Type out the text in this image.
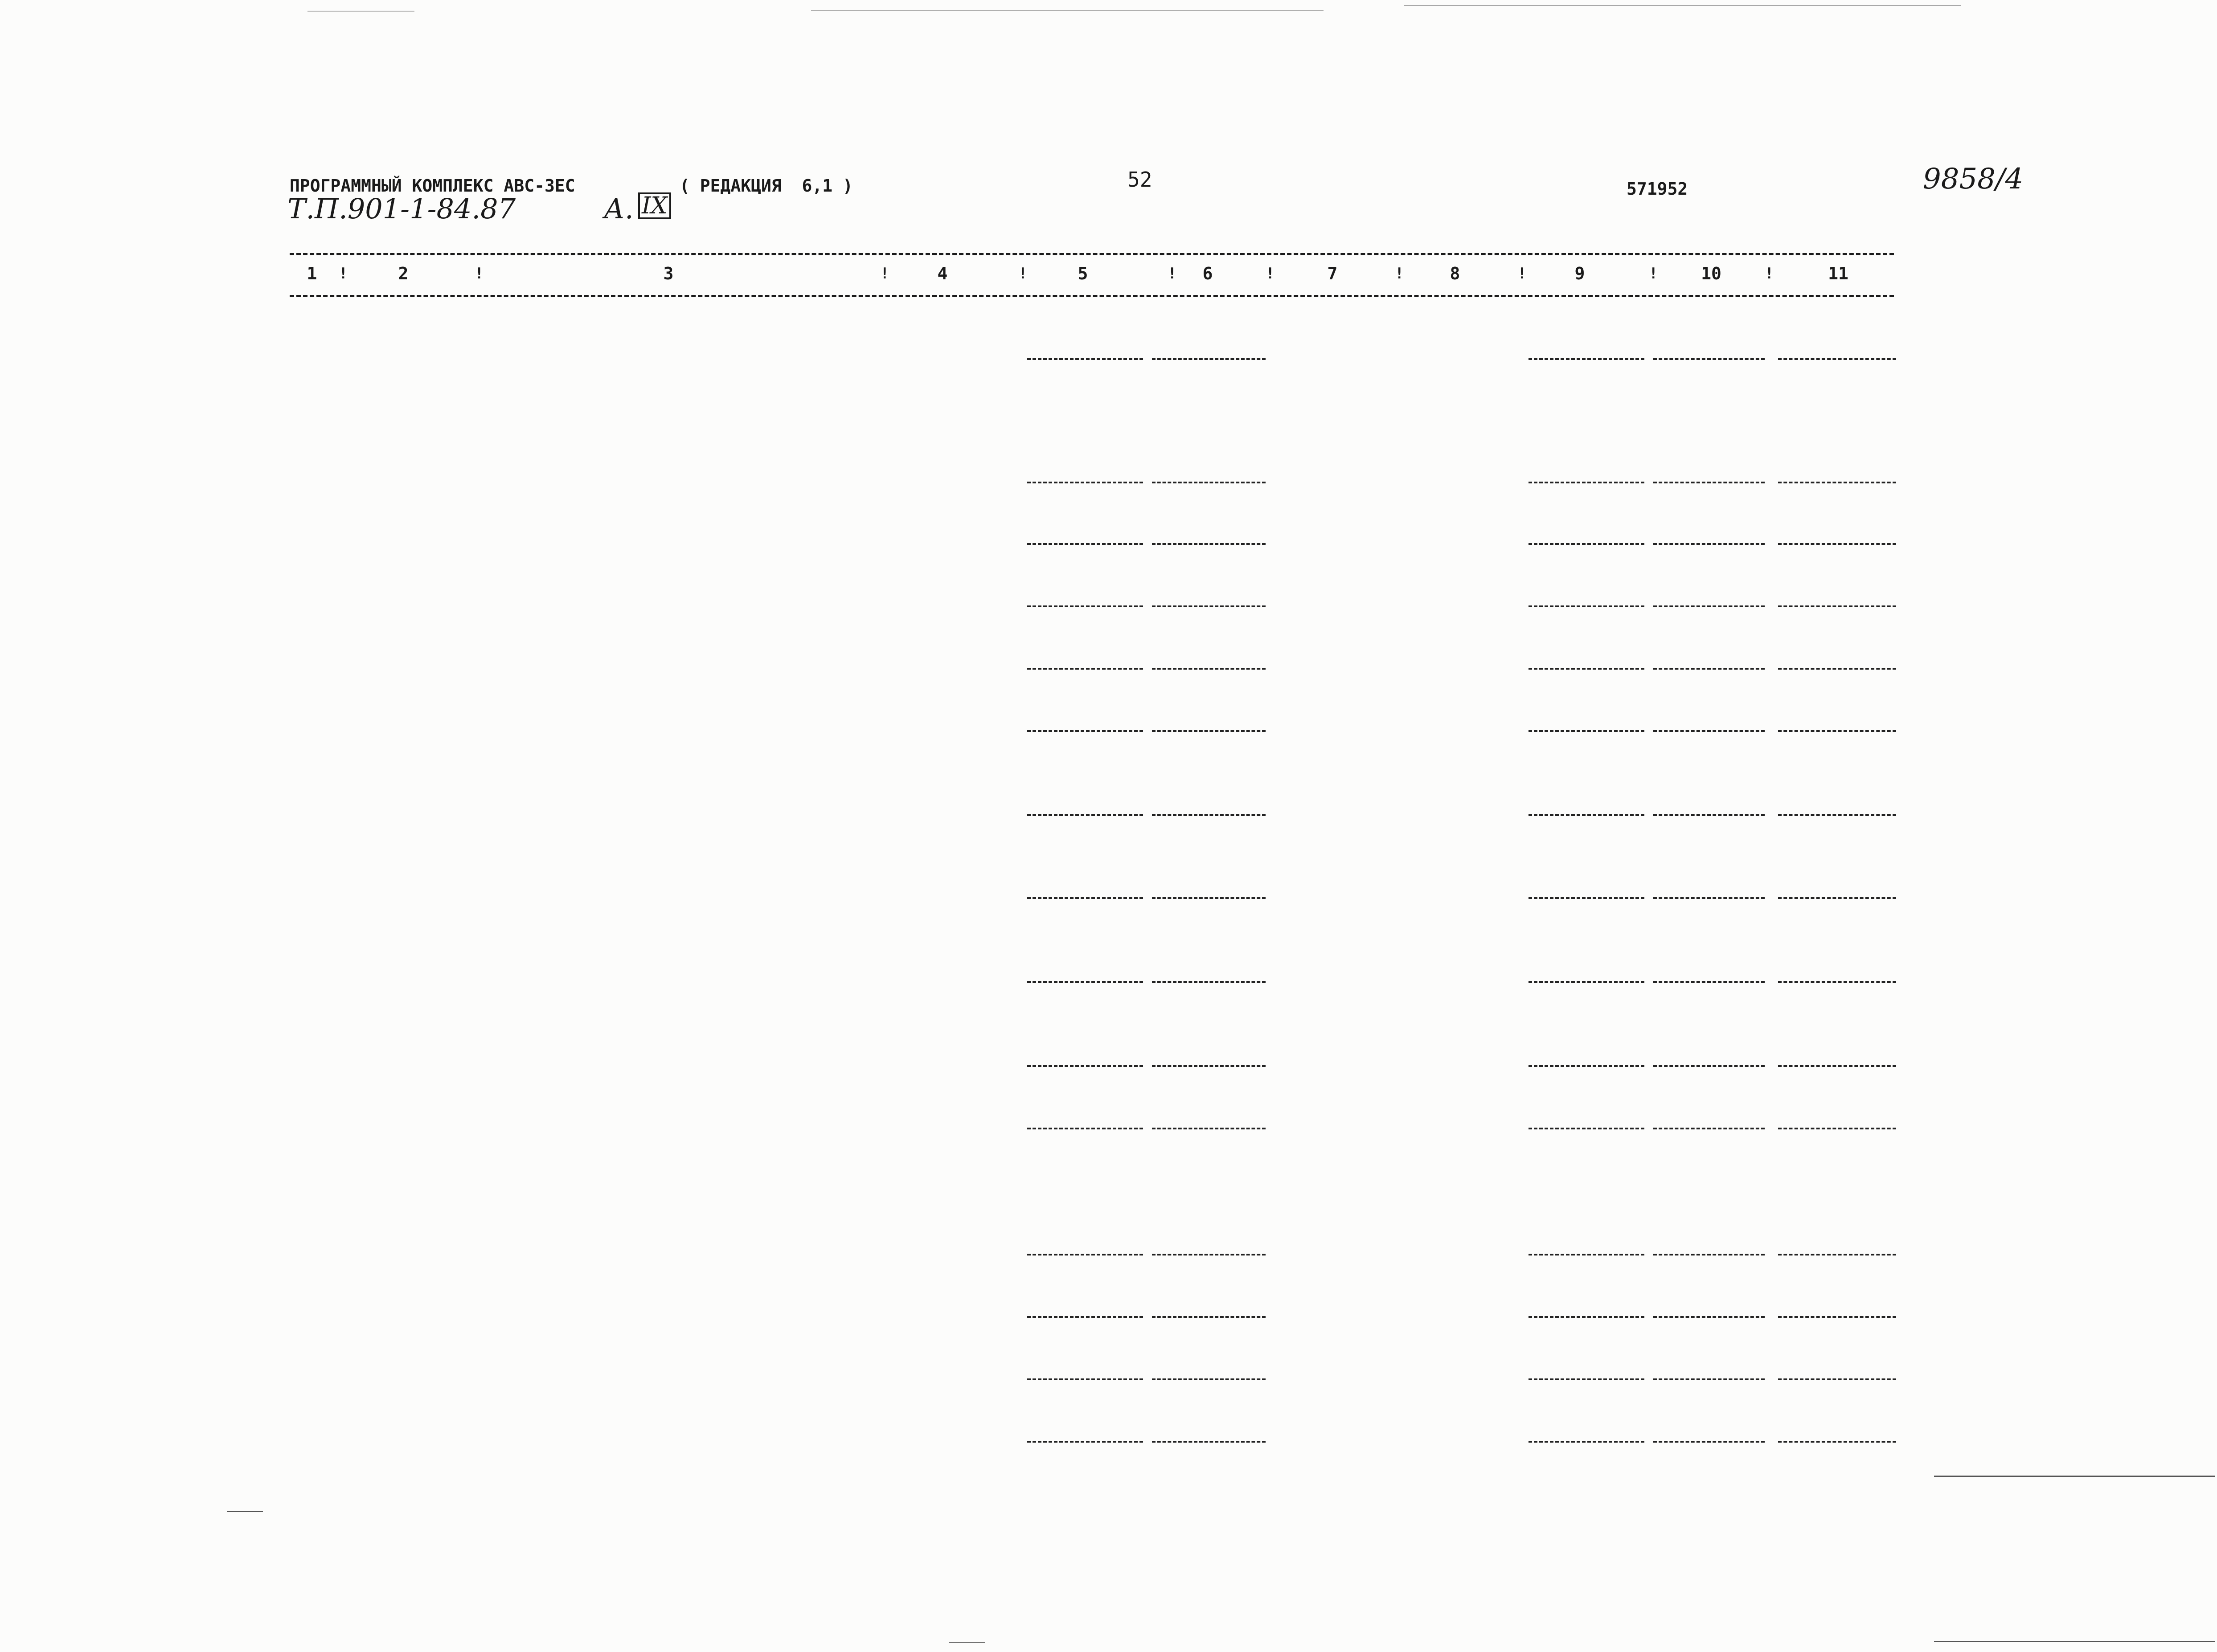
ПРОГРАММНЫЙ КОМПЛЕКС АВС-3ЕС	( РЕДАКЦИЯ  6,1 )	52	571952
Т.П.901-1-84.87	А. IX
9858/4
1	2	3	4	5	6	7	8	9	10	11
!	!	!	!	!	!	!	!	!	!
